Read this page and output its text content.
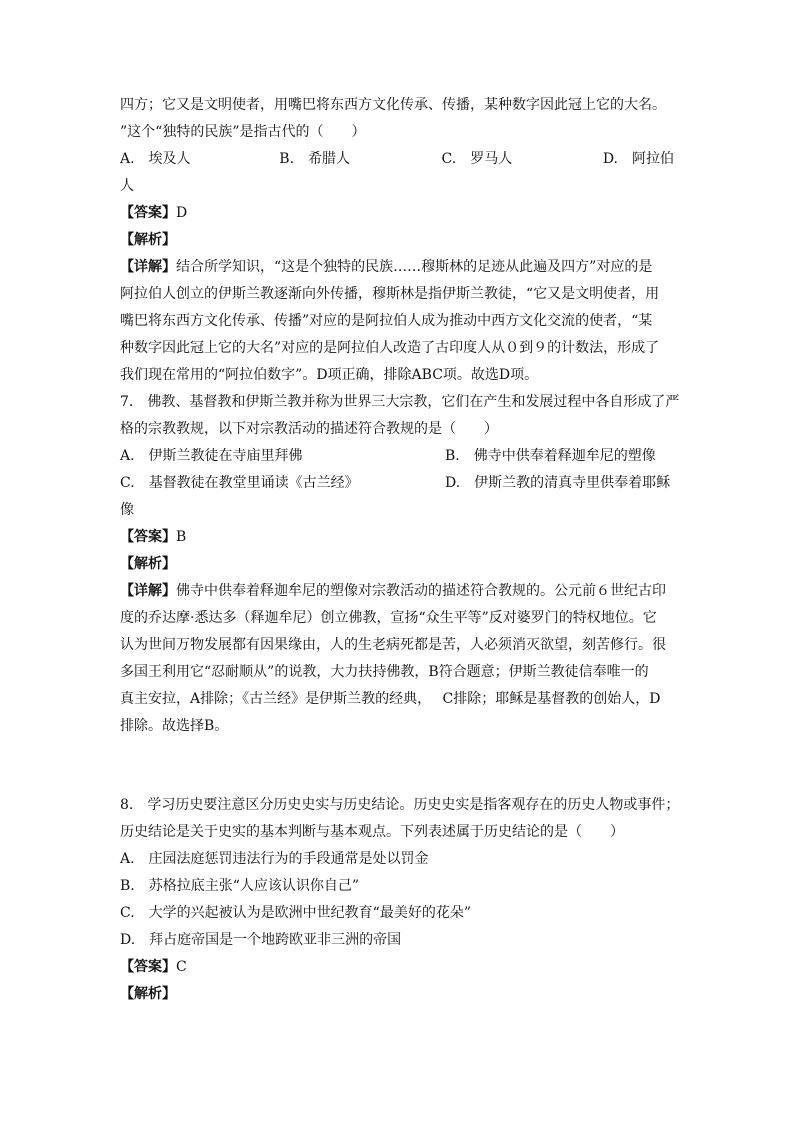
四方；它又是文明使者，用嘴巴将东西方文化传承、传播，某种数字因此冠上它的大名。
”这个“独特的民族”是指古代的（　　）
A.　埃及人	B.　希腊人	C.　罗马人	D.　阿拉伯
人
【答案】D
【解析】
【详解】结合所学知识，“这是个独特的民族……穆斯林的足迹从此遍及四方”对应的是
阿拉伯人创立的伊斯兰教逐渐向外传播，穆斯林是指伊斯兰教徒，“它又是文明使者，用
嘴巴将东西方文化传承、传播”对应的是阿拉伯人成为推动中西方文化交流的使者，“某
种数字因此冠上它的大名”对应的是阿拉伯人改造了古印度人从０到９的计数法，形成了
我们现在常用的“阿拉伯数字”。D项正确，排除ABC项。故选D项。
7.　佛教、基督教和伊斯兰教并称为世界三大宗教，它们在产生和发展过程中各自形成了严
格的宗教教规，以下对宗教活动的描述符合教规的是（　　）
A.　伊斯兰教徒在寺庙里拜佛	B.　佛寺中供奉着释迦牟尼的塑像
C.　基督教徒在教堂里诵读《古兰经》	D.　伊斯兰教的清真寺里供奉着耶稣
像
【答案】B
【解析】
【详解】佛寺中供奉着释迦牟尼的塑像对宗教活动的描述符合教规的。公元前６世纪古印
度的乔达摩·悉达多（释迦牟尼）创立佛教，宣扬“众生平等”反对婆罗门的特权地位。它
认为世间万物发展都有因果缘由，人的生老病死都是苦，人必须消灭欲望，刻苦修行。很
多国王利用它“忍耐顺从”的说教，大力扶持佛教，B符合题意；伊斯兰教徒信奉唯一的
真主安拉，A排除；《古兰经》是伊斯兰教的经典，　 C排除；耶稣是基督教的创始人，D
排除。故选择B。
8.　学习历史要注意区分历史史实与历史结论。历史史实是指客观存在的历史人物或事件；
历史结论是关于史实的基本判断与基本观点。下列表述属于历史结论的是（　　）
A.　庄园法庭惩罚违法行为的手段通常是处以罚金
B.　苏格拉底主张“人应该认识你自己”
C.　大学的兴起被认为是欧洲中世纪教育“最美好的花朵”
D.　拜占庭帝国是一个地跨欧亚非三洲的帝国
【答案】C
【解析】
